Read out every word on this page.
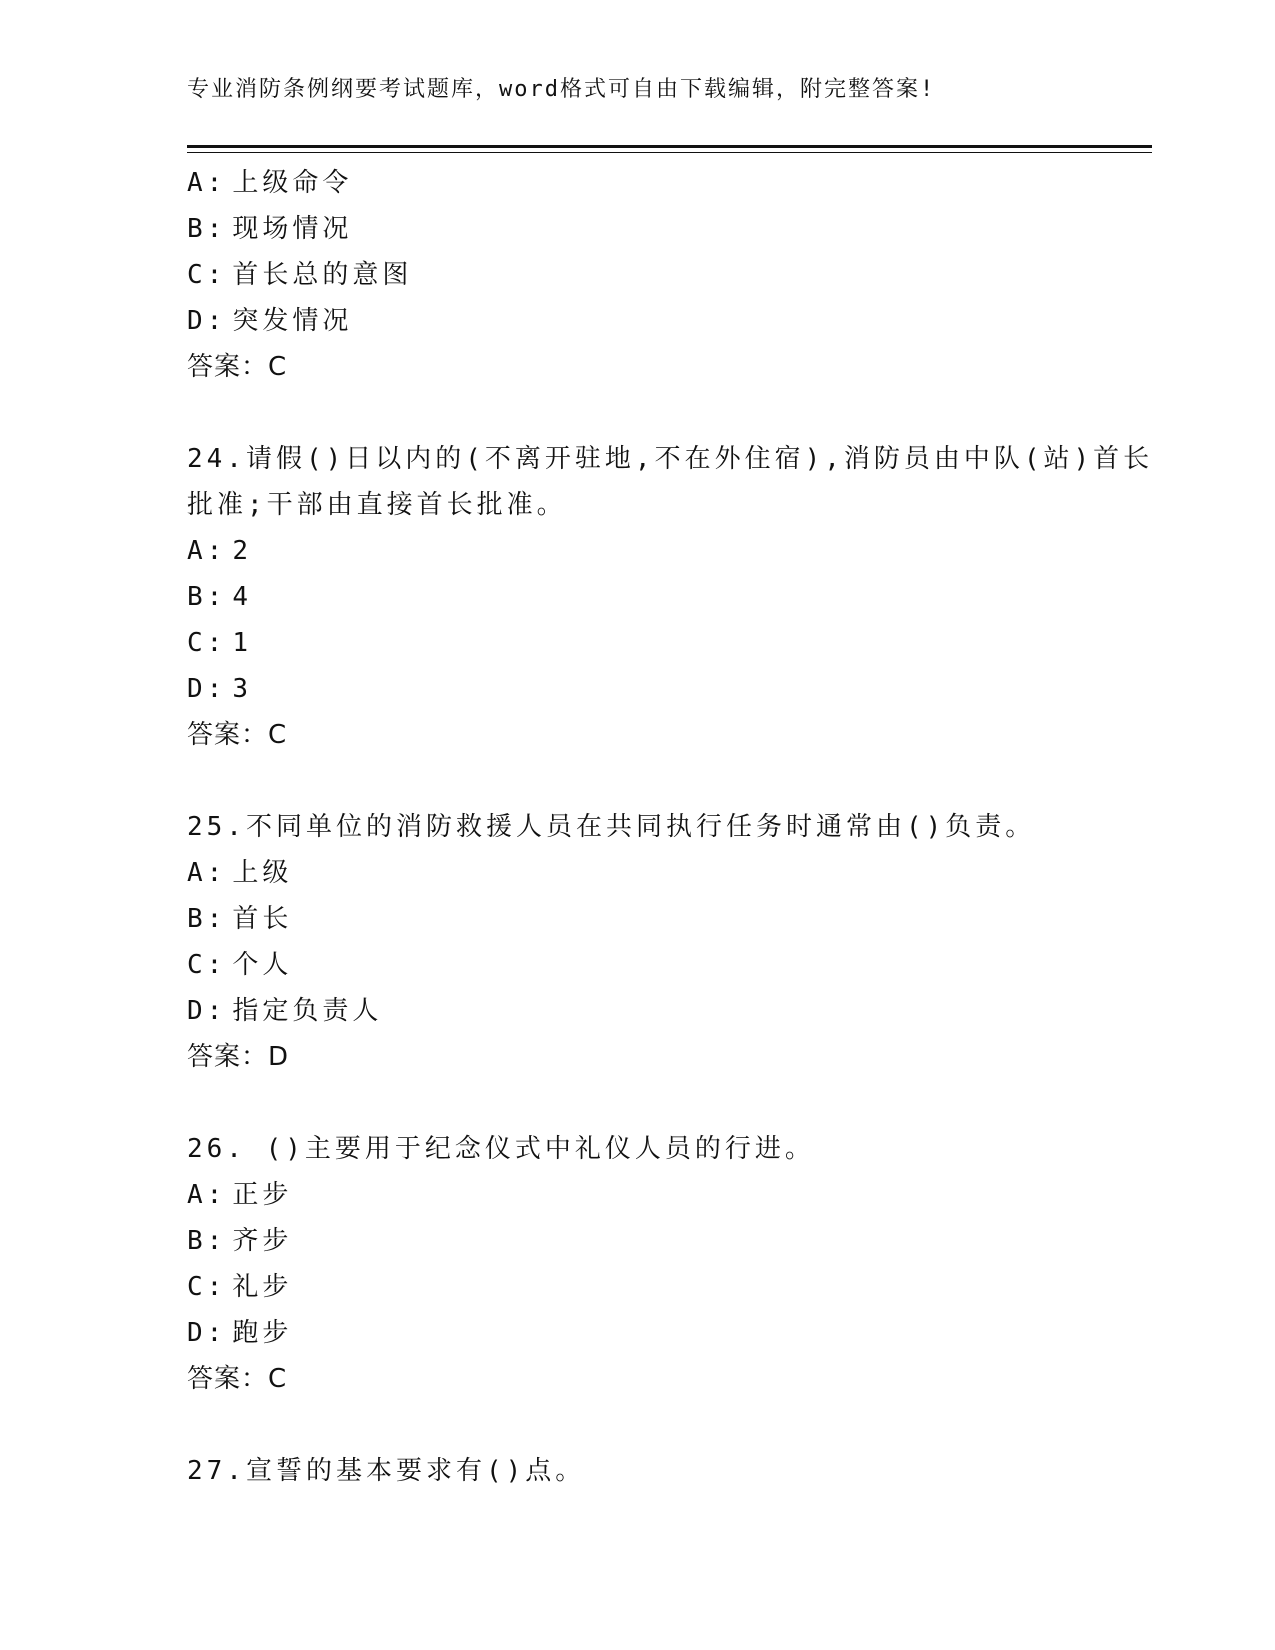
专业消防条例纲要考试题库，word格式可自由下载编辑，附完整答案!
A: 上级命令
B: 现场情况
C: 首长总的意图
D: 突发情况
答案：C
24.请假()日以内的(不离开驻地,不在外住宿),消防员由中队(站)首长
批准;干部由直接首长批准。
A: 2
B: 4
C: 1
D: 3
答案：C
25.不同单位的消防救援人员在共同执行任务时通常由()负责。
A: 上级
B: 首长
C: 个人
D: 指定负责人
答案：D
26. ()主要用于纪念仪式中礼仪人员的行进。
A: 正步
B: 齐步
C: 礼步
D: 跑步
答案：C
27.宣誓的基本要求有()点。
